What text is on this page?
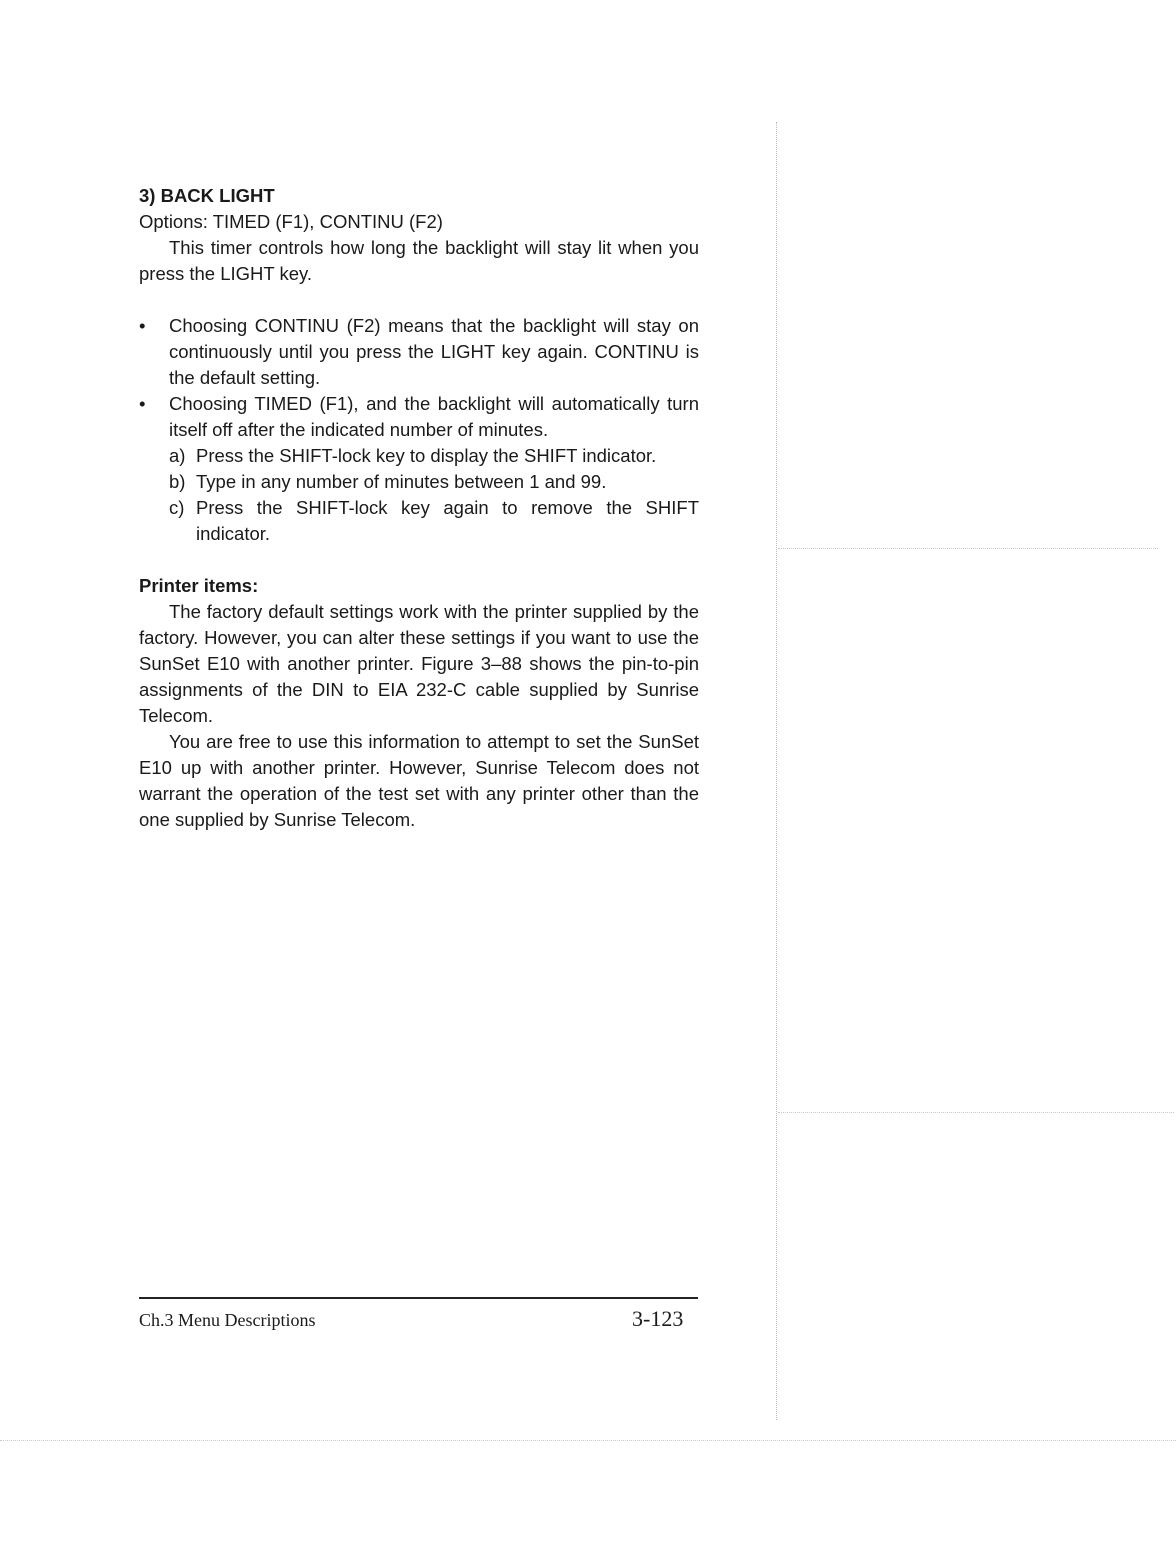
3) BACK LIGHT

Options: TIMED (F1), CONTINU (F2)

This timer controls how long the backlight will stay lit when you press the LIGHT key.

•	Choosing CONTINU (F2) means that the backlight will stay on continuously until you press the LIGHT key again. CONTINU is the default setting.

•	Choosing TIMED (F1), and the backlight will automatically turn itself off after the indicated number of minutes.

a) Press the SHIFT-lock key to display the SHIFT indicator.

b) Type in any number of minutes between 1 and 99.

c) Press the SHIFT-lock key again to remove the SHIFT indicator.

Printer items:

The factory default settings work with the printer supplied by the factory. However, you can alter these settings if you want to use the SunSet E10 with another printer. Figure 3–88 shows the pin-to-pin assignments of the DIN to EIA 232-C cable supplied by Sunrise Telecom.

You are free to use this information to attempt to set the SunSet E10 up with another printer. However, Sunrise Telecom does not warrant the operation of the test set with any printer other than the one supplied by Sunrise Telecom.

Ch.3 Menu Descriptions	3-123
